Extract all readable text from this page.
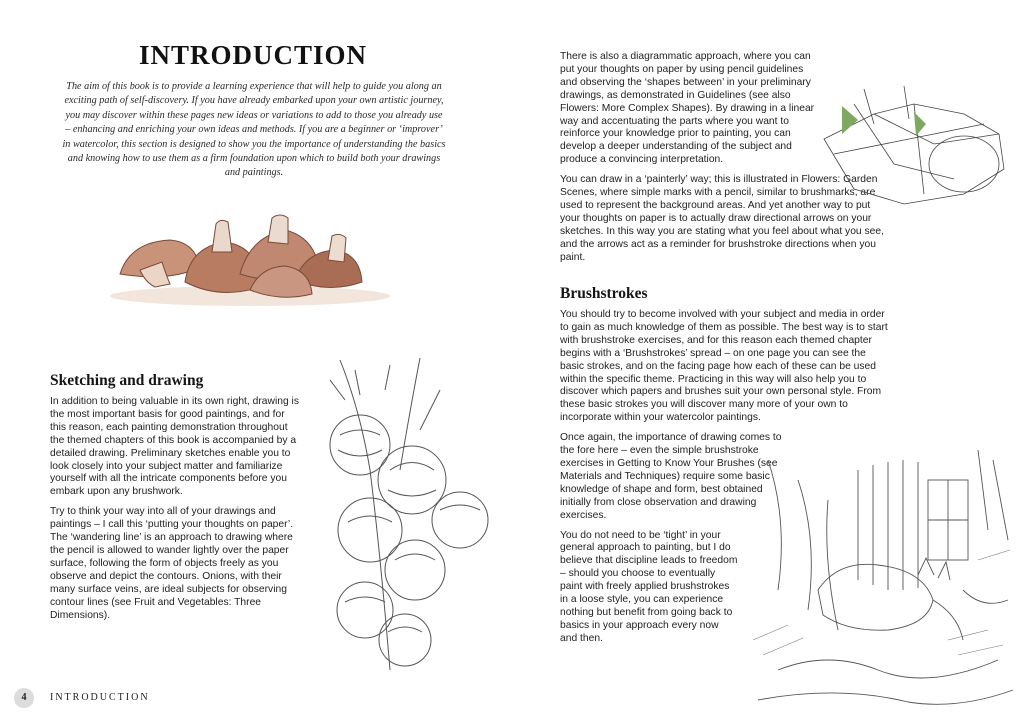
INTRODUCTION

The aim of this book is to provide a learning experience that will help to guide you along an exciting path of self-discovery. If you have already embarked upon your own artistic journey, you may discover within these pages new ideas or variations to add to those you already use – enhancing and enriching your own ideas and methods. If you are a beginner or ‘improver’ in watercolor, this section is designed to show you the importance of understanding the basics and knowing how to use them as a firm foundation upon which to build both your drawings and paintings.

Sketching and drawing

In addition to being valuable in its own right, drawing is the most important basis for good paintings, and for this reason, each painting demonstration throughout the themed chapters of this book is accompanied by a detailed drawing. Preliminary sketches enable you to look closely into your subject matter and familiarize yourself with all the intricate components before you embark upon any brushwork.

Try to think your way into all of your drawings and paintings – I call this ‘putting your thoughts on paper’. The ‘wandering line’ is an approach to drawing where the pencil is allowed to wander lightly over the paper surface, following the form of objects freely as you observe and depict the contours. Onions, with their many surface veins, are ideal subjects for observing contour lines (see Fruit and Vegetables: Three Dimensions).

There is also a diagrammatic approach, where you can put your thoughts on paper by using pencil guidelines and observing the ‘shapes between’ in your preliminary drawings, as demonstrated in Guidelines (see also Flowers: More Complex Shapes). By drawing in a linear way and accentuating the parts where you want to reinforce your knowledge prior to painting, you can develop a deeper understanding of the subject and produce a convincing interpretation.

You can draw in a ‘painterly’ way; this is illustrated in Flowers: Garden Scenes, where simple marks with a pencil, similar to brushmarks, are used to represent the background areas. And yet another way to put your thoughts on paper is to actually draw directional arrows on your sketches. In this way you are stating what you feel about what you see, and the arrows act as a reminder for brushstroke directions when you paint.

Brushstrokes

You should try to become involved with your subject and media in order to gain as much knowledge of them as possible. The best way is to start with brushstroke exercises, and for this reason each themed chapter begins with a ‘Brushstrokes’ spread – on one page you can see the basic strokes, and on the facing page how each of these can be used within the specific theme. Practicing in this way will also help you to discover which papers and brushes suit your own personal style. From these basic strokes you will discover many more of your own to incorporate within your watercolor paintings.

Once again, the importance of drawing comes to the fore here – even the simple brushstroke exercises in Getting to Know Your Brushes (see Materials and Techniques) require some basic knowledge of shape and form, best obtained initially from close observation and drawing exercises.

You do not need to be ‘tight’ in your general approach to painting, but I do believe that discipline leads to freedom – should you choose to eventually paint with freely applied brushstrokes in a loose style, you can experience nothing but benefit from going back to basics in your approach every now and then.

4	INTRODUCTION
